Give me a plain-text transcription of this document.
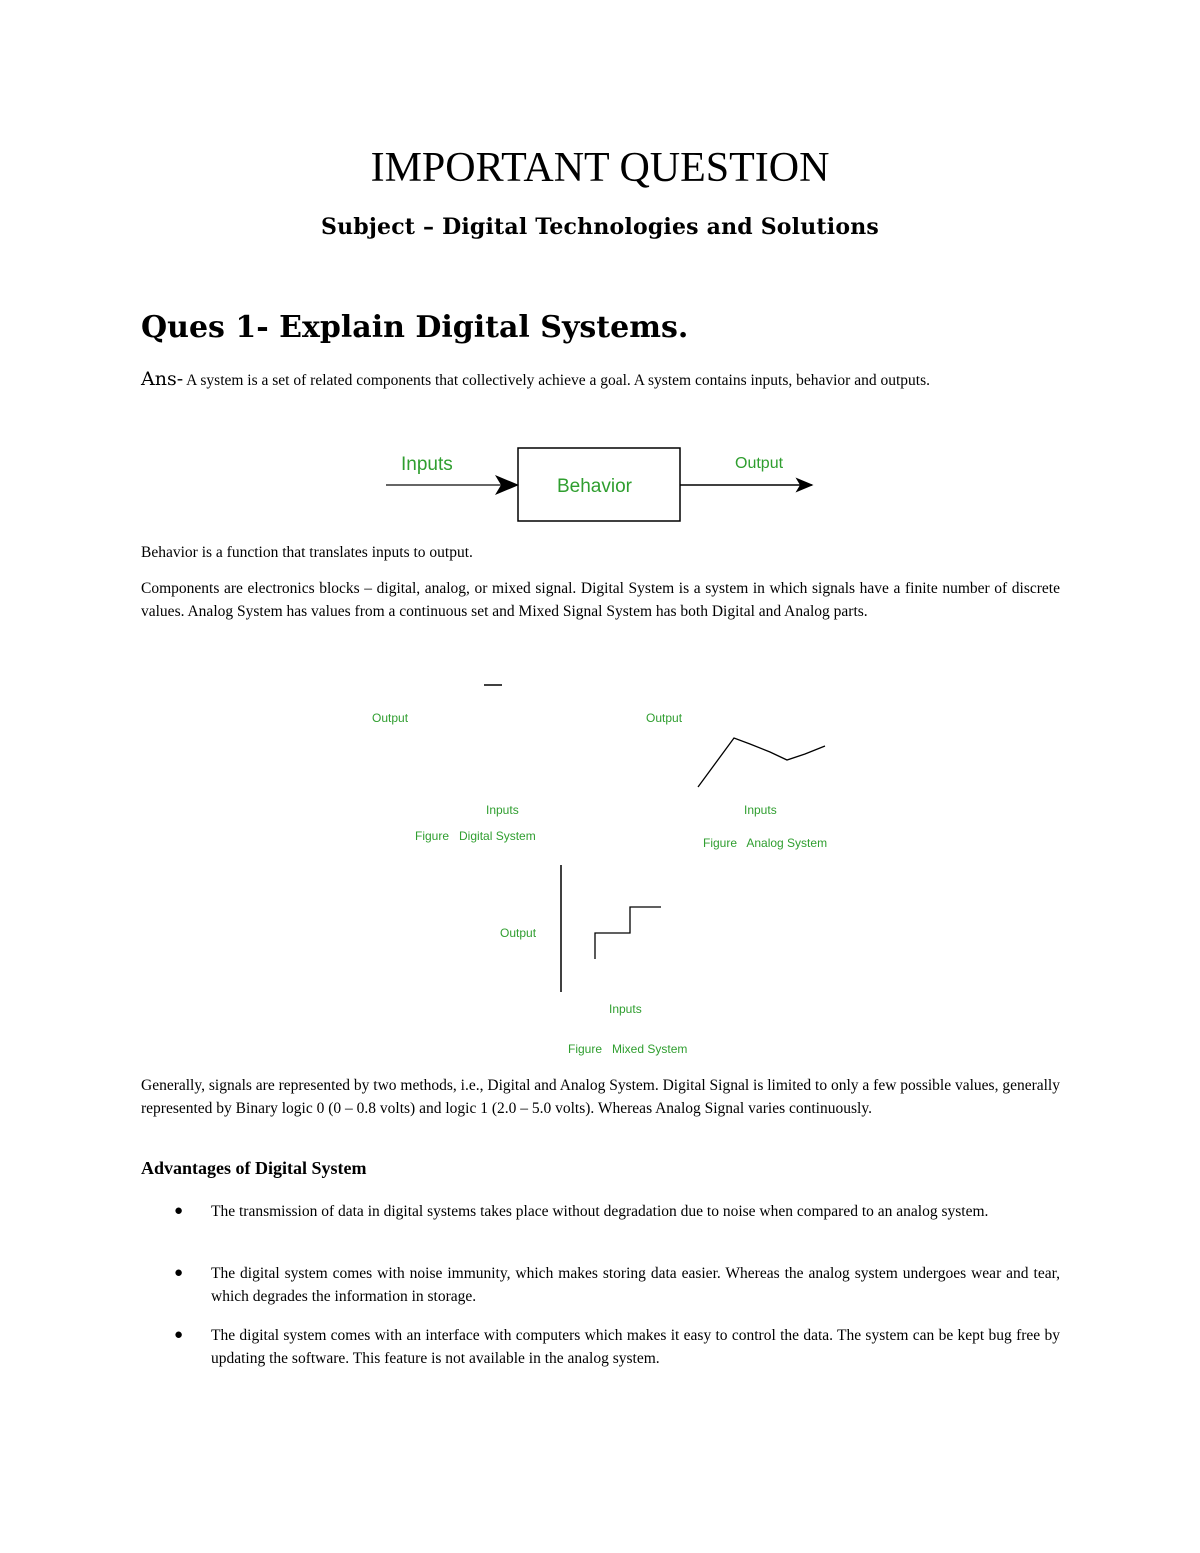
IMPORTANT QUESTION
Subject – Digital Technologies and Solutions
Ques 1- Explain Digital Systems.
Ans- A system is a set of related components that collectively achieve a goal. A system contains inputs, behavior and outputs.
Inputs
Behavior
Output
Behavior is a function that translates inputs to output.
Components are electronics blocks – digital, analog, or mixed signal. Digital System is a system in which signals have a finite number of discrete values. Analog System has values from a continuous set and Mixed Signal System has both Digital and Analog parts.
Output
Inputs
Figure   Digital System
Output
Inputs
Figure   Analog System
Output
Inputs
Figure   Mixed System
Generally, signals are represented by two methods, i.e., Digital and Analog System. Digital Signal is limited to only a few possible values, generally represented by Binary logic 0 (0 – 0.8 volts) and logic 1 (2.0 – 5.0 volts). Whereas Analog Signal varies continuously.
Advantages of Digital System
● The transmission of data in digital systems takes place without degradation due to noise when compared to an analog system.
● The digital system comes with noise immunity, which makes storing data easier. Whereas the analog system undergoes wear and tear, which degrades the information in storage.
● The digital system comes with an interface with computers which makes it easy to control the data. The system can be kept bug free by updating the software. This feature is not available in the analog system.
